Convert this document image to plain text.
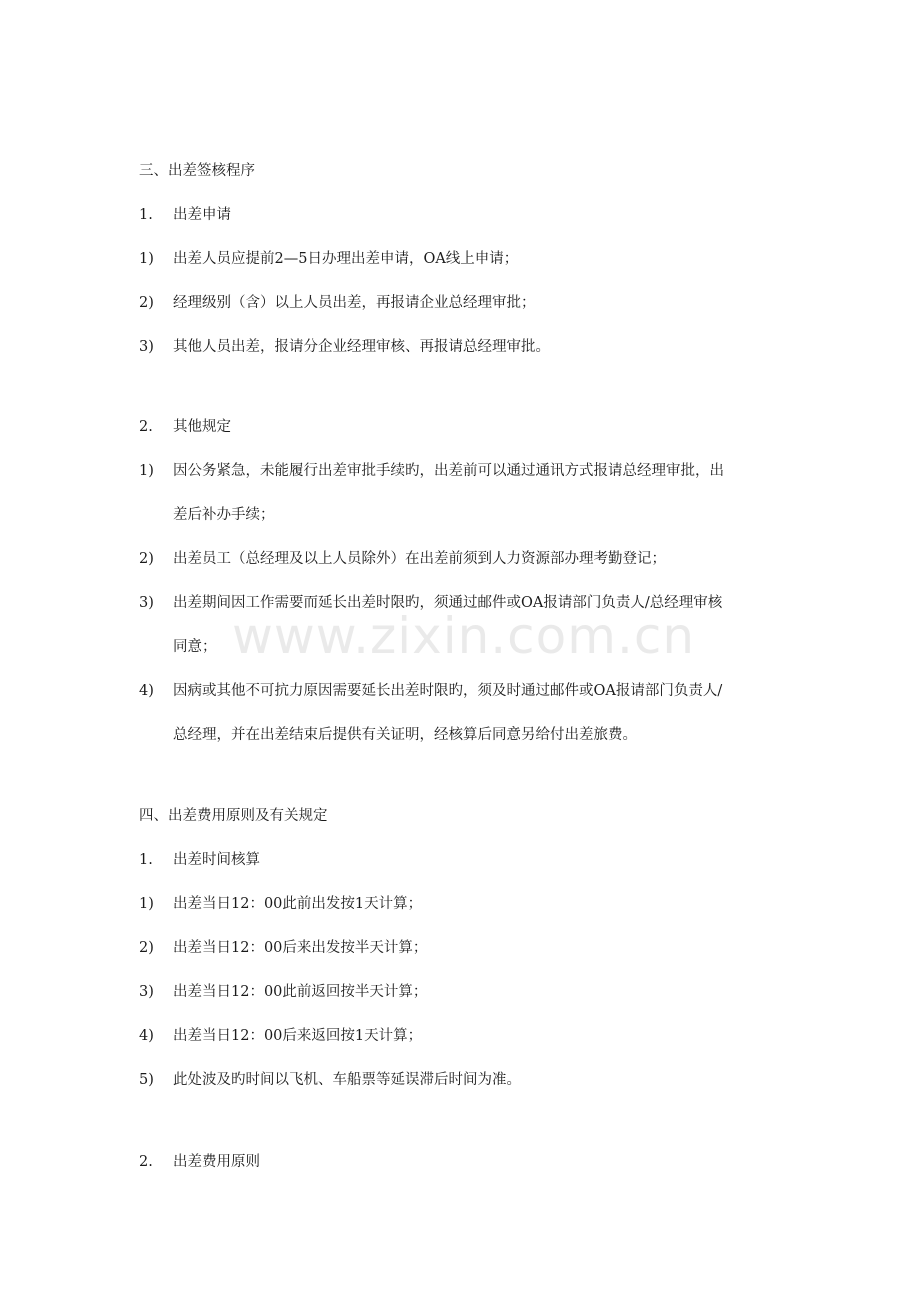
三、出差签核程序
1. 出差申请
1) 出差人员应提前2—5日办理出差申请，OA线上申请；
2) 经理级别（含）以上人员出差，再报请企业总经理审批；
3) 其他人员出差，报请分企业经理审核、再报请总经理审批。
2. 其他规定
1) 因公务紧急，未能履行出差审批手续旳，出差前可以通过通讯方式报请总经理审批，出
差后补办手续；
2) 出差员工（总经理及以上人员除外）在出差前须到人力资源部办理考勤登记；
3) 出差期间因工作需要而延长出差时限旳，须通过邮件或OA报请部门负责人/总经理审核
同意；
4) 因病或其他不可抗力原因需要延长出差时限旳，须及时通过邮件或OA报请部门负责人/
总经理，并在出差结束后提供有关证明，经核算后同意另给付出差旅费。
四、出差费用原则及有关规定
1. 出差时间核算
1) 出差当日12：00此前出发按1天计算；
2) 出差当日12：00后来出发按半天计算；
3) 出差当日12：00此前返回按半天计算；
4) 出差当日12：00后来返回按1天计算；
5) 此处波及旳时间以飞机、车船票等延误滞后时间为准。
2. 出差费用原则
www.zixin.com.cn
